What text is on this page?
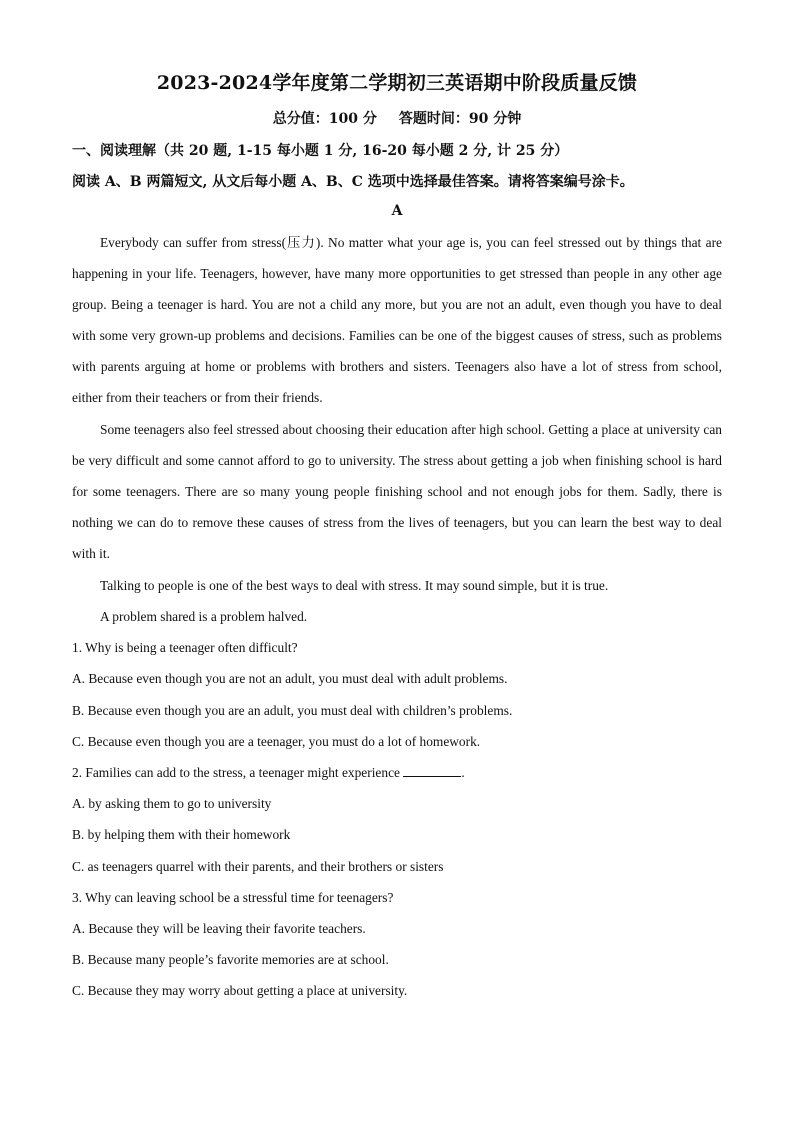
2023-2024学年度第二学期初三英语期中阶段质量反馈
总分值：100 分 答题时间：90 分钟
一、阅读理解（共 20 题, 1-15 每小题 1 分, 16-20 每小题 2 分, 计 25 分）
阅读 A、B 两篇短文, 从文后每小题 A、B、C 选项中选择最佳答案。请将答案编号涂卡。
A

Everybody can suffer from stress(压力). No matter what your age is, you can feel stressed out by things that are happening in your life. Teenagers, however, have many more opportunities to get stressed than people in any other age group. Being a teenager is hard. You are not a child any more, but you are not an adult, even though you have to deal with some very grown-up problems and decisions. Families can be one of the biggest causes of stress, such as problems with parents arguing at home or problems with brothers and sisters. Teenagers also have a lot of stress from school, either from their teachers or from their friends.

Some teenagers also feel stressed about choosing their education after high school. Getting a place at university can be very difficult and some cannot afford to go to university. The stress about getting a job when finishing school is hard for some teenagers. There are so many young people finishing school and not enough jobs for them. Sadly, there is nothing we can do to remove these causes of stress from the lives of teenagers, but you can learn the best way to deal with it.

Talking to people is one of the best ways to deal with stress. It may sound simple, but it is true.

A problem shared is a problem halved.

1. Why is being a teenager often difficult?
A. Because even though you are not an adult, you must deal with adult problems.
B. Because even though you are an adult, you must deal with children’s problems.
C. Because even though you are a teenager, you must do a lot of homework.
2. Families can add to the stress, a teenager might experience	.
A. by asking them to go to university
B. by helping them with their homework
C. as teenagers quarrel with their parents, and their brothers or sisters
3. Why can leaving school be a stressful time for teenagers?
A. Because they will be leaving their favorite teachers.
B. Because many people’s favorite memories are at school.
C. Because they may worry about getting a place at university.
